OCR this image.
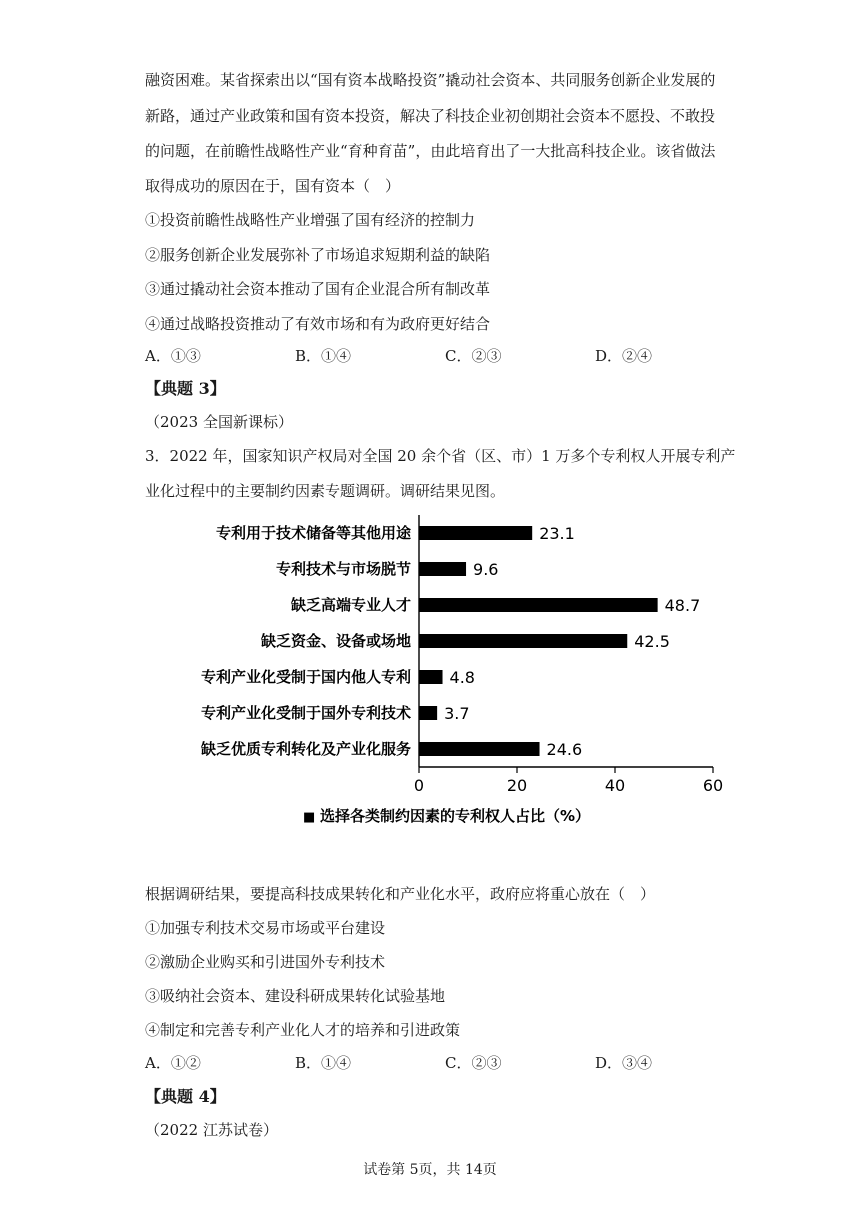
融资困难。某省探索出以“国有资本战略投资”撬动社会资本、共同服务创新企业发展的
新路，通过产业政策和国有资本投资，解决了科技企业初创期社会资本不愿投、不敢投
的问题，在前瞻性战略性产业“育种育苗”，由此培育出了一大批高科技企业。该省做法
取得成功的原因在于，国有资本（　）
①投资前瞻性战略性产业增强了国有经济的控制力
②服务创新企业发展弥补了市场追求短期利益的缺陷
③通过撬动社会资本推动了国有企业混合所有制改革
④通过战略投资推动了有效市场和有为政府更好结合
A．①③	B．①④	C．②③	D．②④
【典题 3】
（2023 全国新课标）
3．2022 年，国家知识产权局对全国 20 余个省（区、市）1 万多个专利权人开展专利产
业化过程中的主要制约因素专题调研。调研结果见图。
专利用于技术储备等其他用途	23.1
专利技术与市场脱节	9.6
缺乏高端专业人才	48.7
缺乏资金、设备或场地	42.5
专利产业化受制于国内他人专利 4.8
专利产业化受制于国外专利技术 3.7
缺乏优质专利转化及产业化服务	24.6
0	20	40	60
■ 选择各类制约因素的专利权人占比（%）
根据调研结果，要提高科技成果转化和产业化水平，政府应将重心放在（　）
①加强专利技术交易市场或平台建设
②激励企业购买和引进国外专利技术
③吸纳社会资本、建设科研成果转化试验基地
④制定和完善专利产业化人才的培养和引进政策
A．①②	B．①④	C．②③	D．③④
【典题 4】
（2022 江苏试卷）
试卷第 5页，共 14页
